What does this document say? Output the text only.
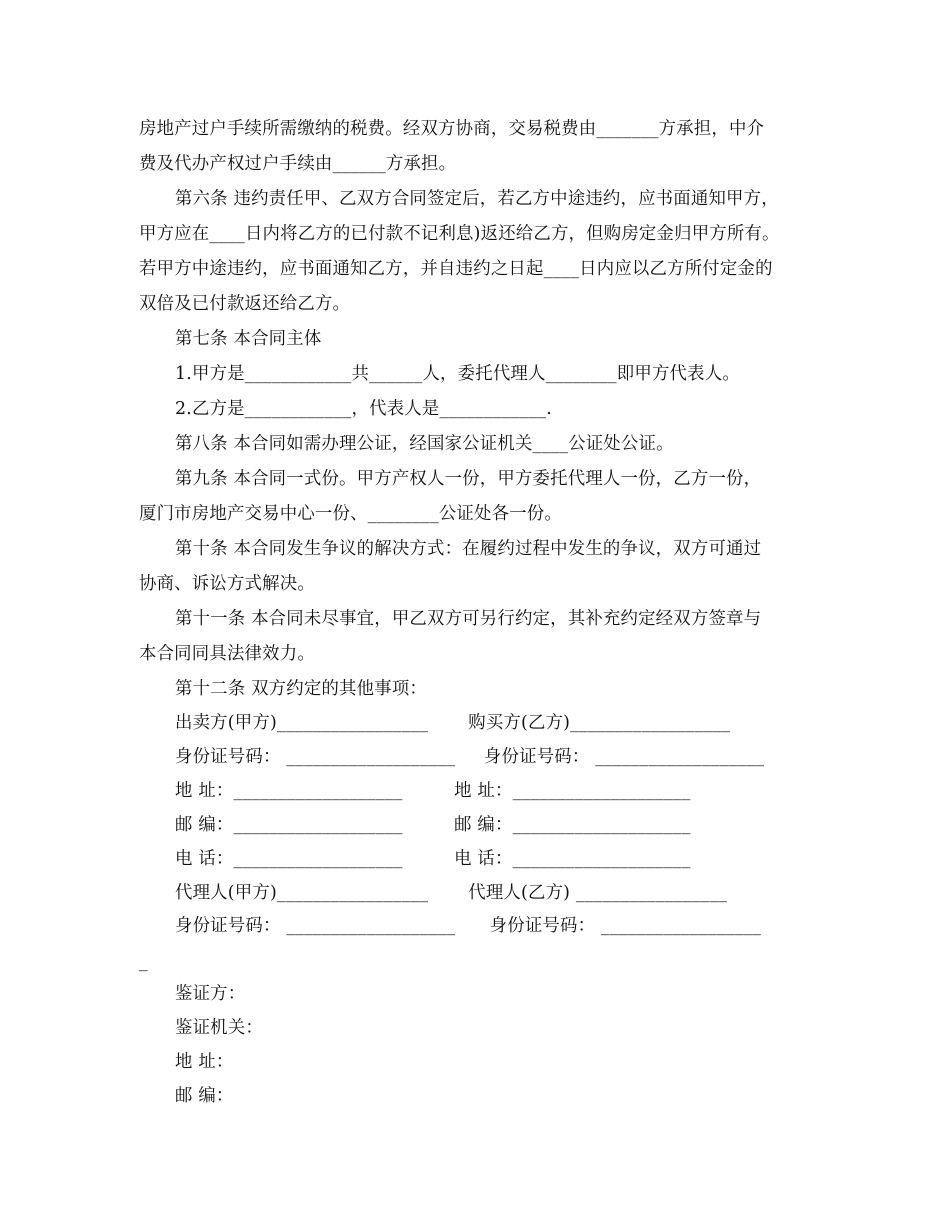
房地产过户手续所需缴纳的税费。经双方协商，交易税费由_______方承担，中介
费及代办产权过户手续由______方承担。
第六条 违约责任甲、乙双方合同签定后，若乙方中途违约，应书面通知甲方，
甲方应在____日内将乙方的已付款不记利息)返还给乙方，但购房定金归甲方所有。
若甲方中途违约，应书面通知乙方，并自违约之日起____日内应以乙方所付定金的
双倍及已付款返还给乙方。
第七条 本合同主体
1.甲方是____________共______人，委托代理人________即甲方代表人。
2.乙方是____________，代表人是____________.
第八条 本合同如需办理公证，经国家公证机关____公证处公证。
第九条 本合同一式份。甲方产权人一份，甲方委托代理人一份，乙方一份，
厦门市房地产交易中心一份、________公证处各一份。
第十条 本合同发生争议的解决方式：在履约过程中发生的争议，双方可通过
协商、诉讼方式解决。
第十一条 本合同未尽事宜，甲乙双方可另行约定，其补充约定经双方签章与
本合同同具法律效力。
第十二条 双方约定的其他事项：
出卖方(甲方)_________________       购买方(乙方)__________________
身份证号码： ___________________     身份证号码： ___________________
地 址：___________________         地 址：____________________
邮 编：___________________         邮 编：____________________
电 话：___________________         电 话：____________________
代理人(甲方)_________________       代理人(乙方) _________________
身份证号码： ___________________      身份证号码： __________________
_
鉴证方：
鉴证机关：
地 址：
邮 编：
